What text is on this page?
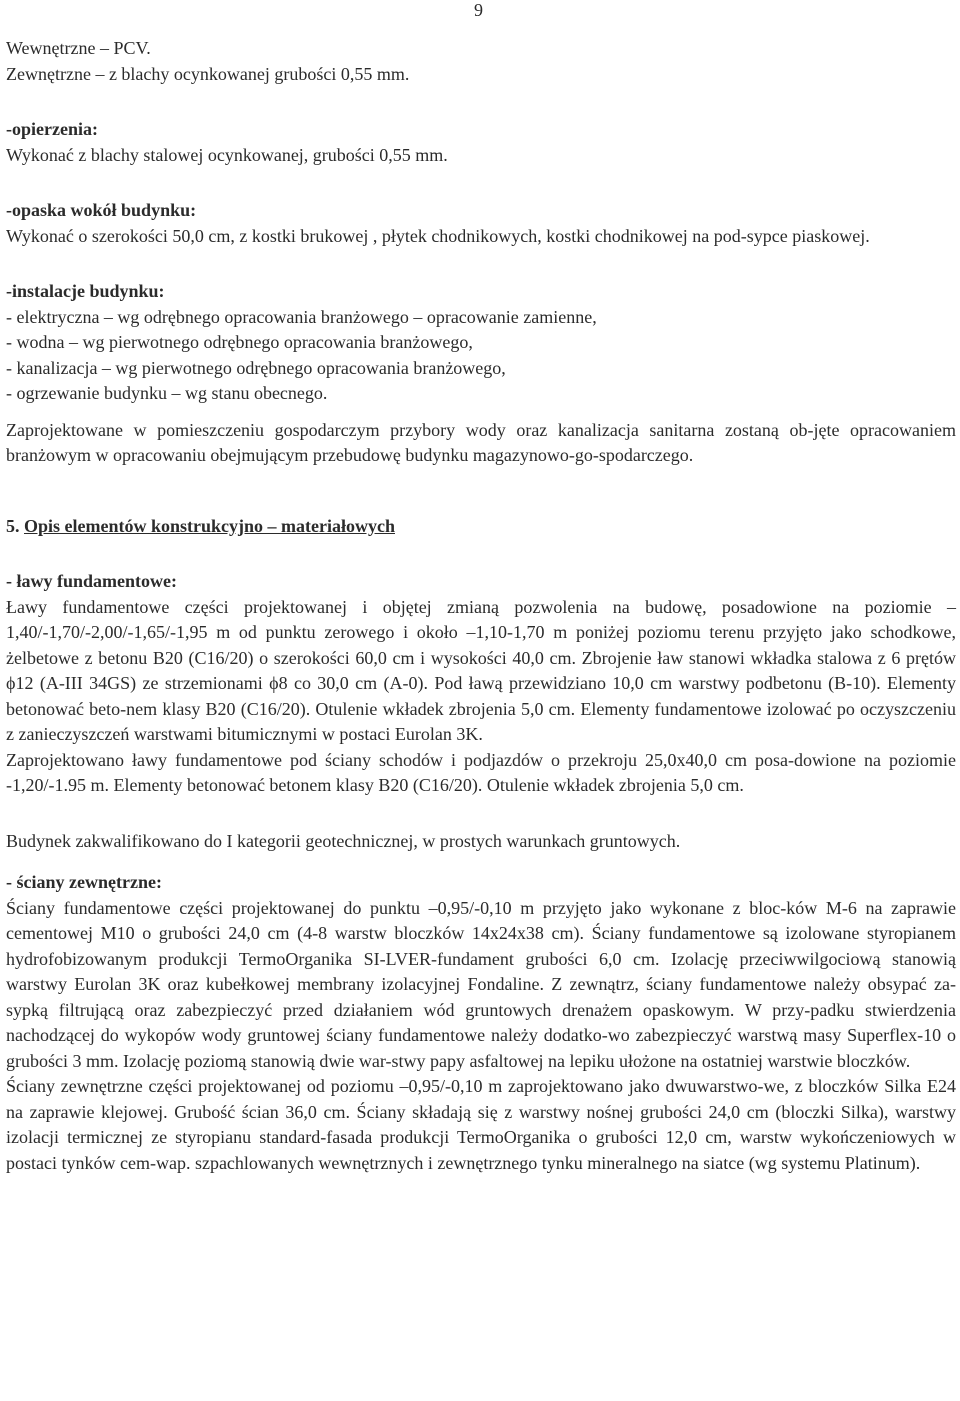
9

Wewnętrzne – PCV.

Zewnętrzne – z blachy ocynkowanej grubości 0,55 mm.

-opierzenia:

Wykonać z blachy stalowej ocynkowanej, grubości 0,55 mm.

-opaska wokół budynku:

Wykonać o szerokości 50,0 cm, z kostki brukowej , płytek chodnikowych, kostki chodnikowej na pod-sypce piaskowej.

-instalacje budynku:

- elektryczna – wg odrębnego opracowania branżowego – opracowanie zamienne,

- wodna – wg pierwotnego odrębnego opracowania branżowego,

- kanalizacja – wg pierwotnego odrębnego opracowania branżowego,

- ogrzewanie budynku – wg stanu obecnego.

Zaprojektowane w pomieszczeniu gospodarczym przybory wody oraz kanalizacja sanitarna zostaną ob-jęte opracowaniem branżowym w opracowaniu obejmującym przebudowę budynku magazynowo-go-spodarczego.

5. Opis elementów konstrukcyjno – materiałowych

- ławy fundamentowe:

Ławy fundamentowe części projektowanej i objętej zmianą pozwolenia na budowę, posadowione na poziomie –1,40/-1,70/-2,00/-1,65/-1,95 m od punktu zerowego i około –1,10-1,70 m poniżej poziomu terenu przyjęto jako schodkowe, żelbetowe z betonu B20 (C16/20) o szerokości 60,0 cm i wysokości 40,0 cm. Zbrojenie ław stanowi wkładka stalowa z 6 prętów ϕ12 (A-III 34GS) ze strzemionami ϕ8 co 30,0 cm (A-0). Pod ławą przewidziano 10,0 cm warstwy podbetonu (B-10). Elementy betonować beto-nem klasy B20 (C16/20). Otulenie wkładek zbrojenia 5,0 cm. Elementy fundamentowe izolować po oczyszczeniu z zanieczyszczeń warstwami bitumicznymi w postaci Eurolan 3K.

Zaprojektowano ławy fundamentowe pod ściany schodów i podjazdów o przekroju 25,0x40,0 cm posa-dowione na poziomie -1,20/-1.95 m. Elementy betonować betonem klasy B20 (C16/20). Otulenie wkładek zbrojenia 5,0 cm.

Budynek zakwalifikowano do I kategorii geotechnicznej, w prostych warunkach gruntowych.

- ściany zewnętrzne:

Ściany fundamentowe części projektowanej do punktu –0,95/-0,10 m przyjęto jako wykonane z bloc-ków M-6 na zaprawie cementowej M10 o grubości 24,0 cm (4-8 warstw bloczków 14x24x38 cm). Ściany fundamentowe są izolowane styropianem hydrofobizowanym produkcji TermoOrganika SI-LVER-fundament grubości 6,0 cm. Izolację przeciwwilgociową stanowią warstwy Eurolan 3K oraz kubełkowej membrany izolacyjnej Fondaline. Z zewnątrz, ściany fundamentowe należy obsypać za-sypką filtrującą oraz zabezpieczyć przed działaniem wód gruntowych drenażem opaskowym. W przy-padku stwierdzenia nachodzącej do wykopów wody gruntowej ściany fundamentowe należy dodatko-wo zabezpieczyć warstwą masy Superflex-10 o grubości 3 mm. Izolację poziomą stanowią dwie war-stwy papy asfaltowej na lepiku ułożone na ostatniej warstwie bloczków.

Ściany zewnętrzne części projektowanej od poziomu –0,95/-0,10 m zaprojektowano jako dwuwarstwo-we, z bloczków Silka E24 na zaprawie klejowej. Grubość ścian 36,0 cm. Ściany składają się z warstwy nośnej grubości 24,0 cm (bloczki Silka), warstwy izolacji termicznej ze styropianu standard-fasada produkcji TermoOrganika o grubości 12,0 cm, warstw wykończeniowych w postaci tynków cem-wap. szpachlowanych wewnętrznych i zewnętrznego tynku mineralnego na siatce (wg systemu Platinum).
